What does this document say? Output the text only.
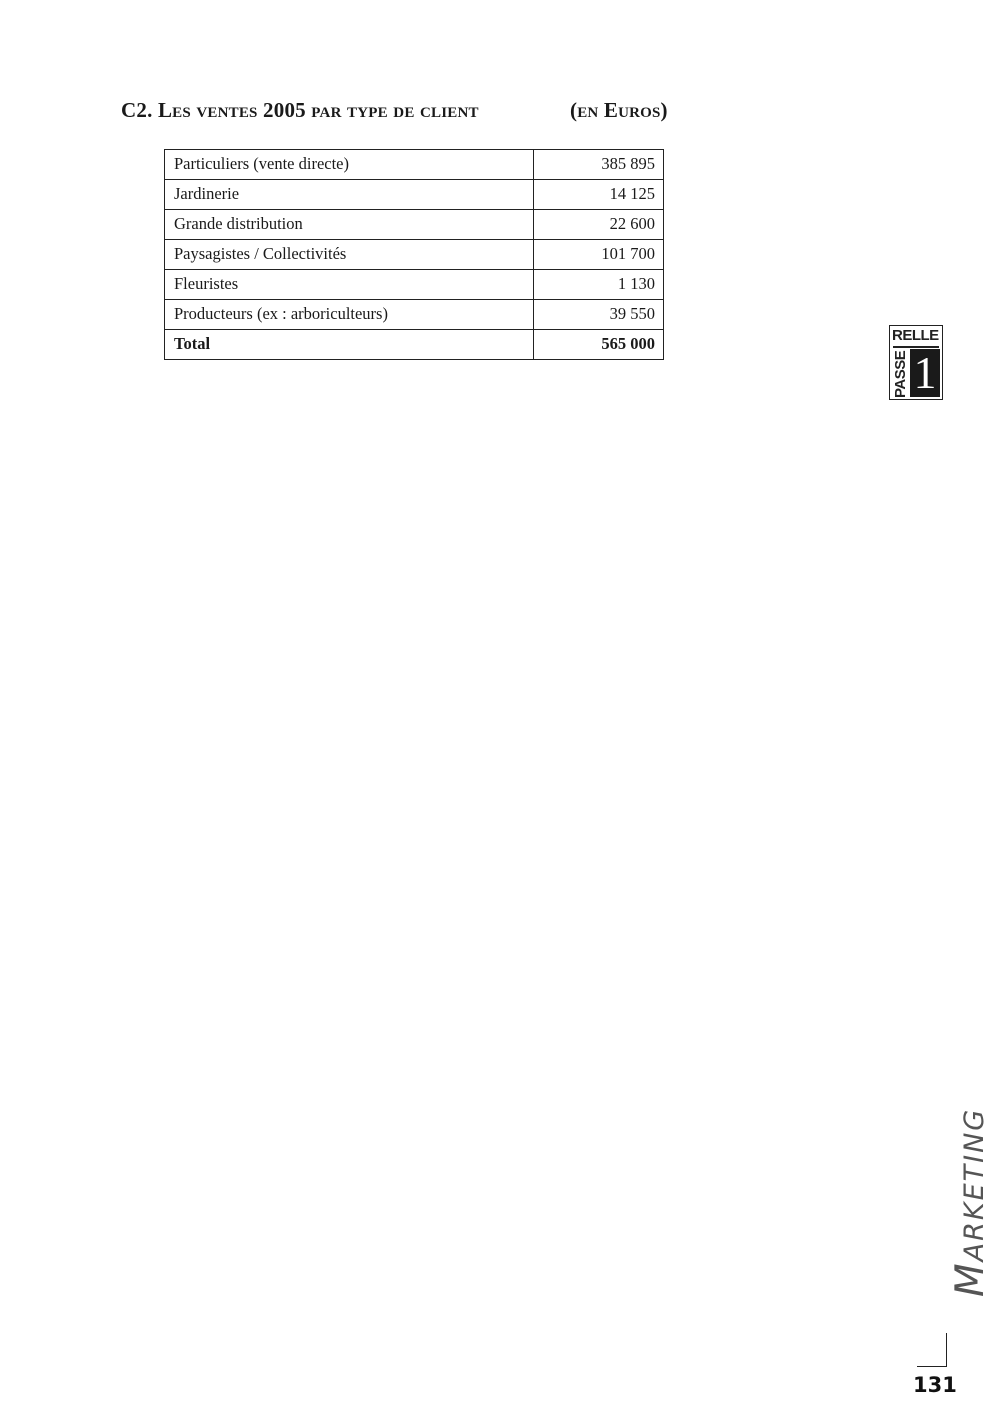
C2. Les ventes 2005 par type de client	(en Euros)
Particuliers (vente directe)	385 895
Jardinerie	14 125
Grande distribution	22 600
Paysagistes / Collectivités	101 700
Fleuristes	1 130
Producteurs (ex : arboriculteurs)	39 550
Total	565 000	RELLE
PASSE 1
Marketing
131
